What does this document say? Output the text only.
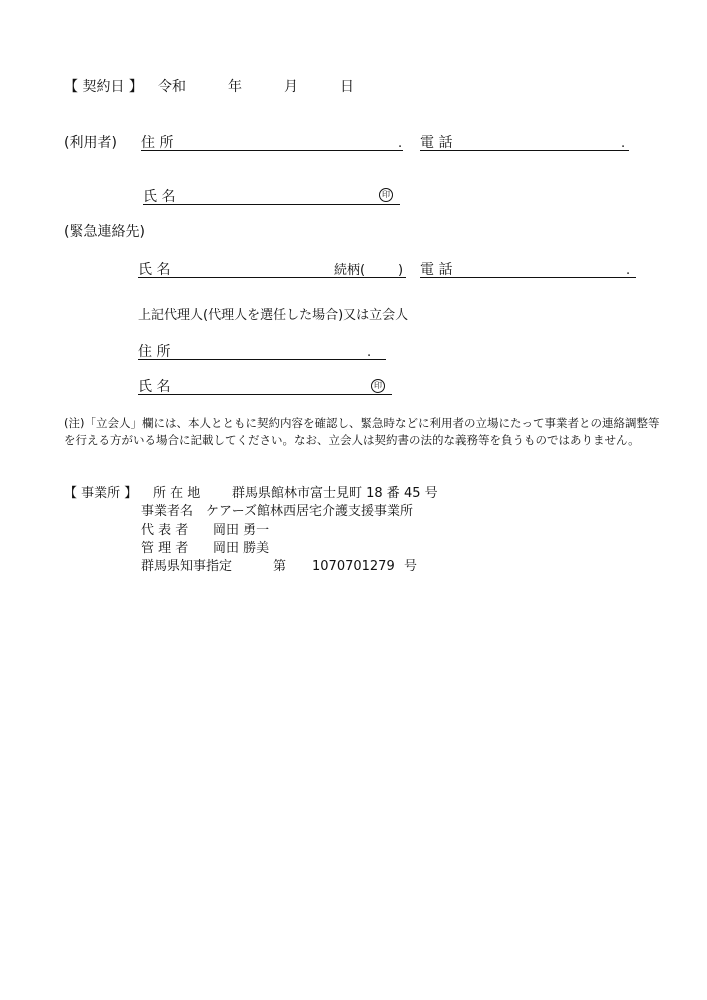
【 契約日 】 令和	年	月	日
(利用者) 住 所	. 電 話	.
氏 名	印
(緊急連絡先)
氏 名	続柄(	) 電 話	.
上記代理人(代理人を選任した場合)又は立会人
住 所	.
氏 名	印
(注)「立会人」欄には、本人とともに契約内容を確認し、緊急時などに利用者の立場にたって事業者との連絡調整等を行える方がいる場合に記載してください。なお、立会人は契約書の法的な義務等を負うものではありません。
【 事業所 】 所 在 地 群馬県館林市富士見町 18 番 45 号
事業者名 ケアーズ館林西居宅介護支援事業所
代 表 者 岡田 勇一
管 理 者 岡田 勝美
群馬県知事指定	第 1070701279 号
